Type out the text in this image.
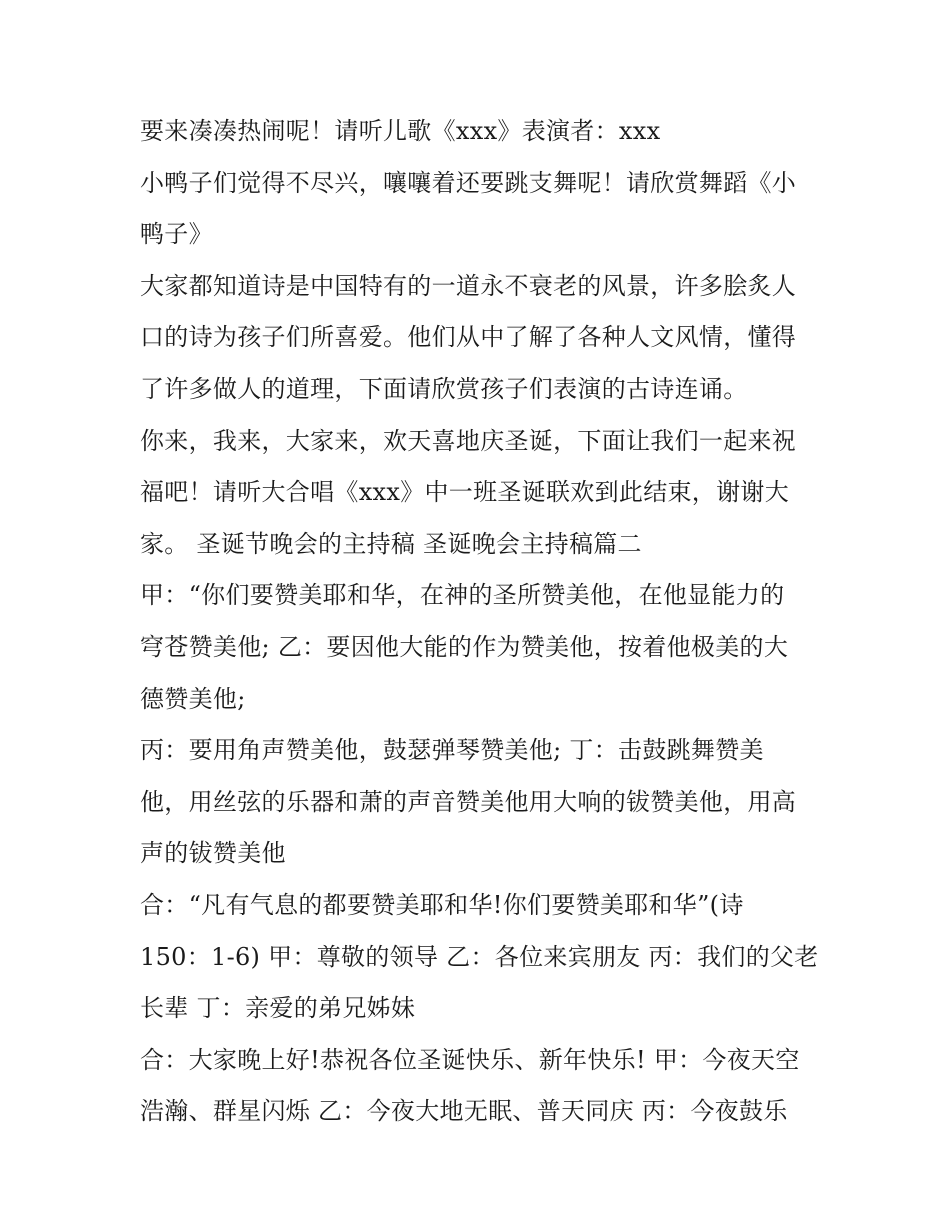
要来凑凑热闹呢！请听儿歌《xxx》表演者：xxx
小鸭子们觉得不尽兴，嚷嚷着还要跳支舞呢！请欣赏舞蹈《小
鸭子》
大家都知道诗是中国特有的一道永不衰老的风景，许多脍炙人
口的诗为孩子们所喜爱。他们从中了解了各种人文风情，懂得
了许多做人的道理，下面请欣赏孩子们表演的古诗连诵。
你来，我来，大家来，欢天喜地庆圣诞，下面让我们一起来祝
福吧！请听大合唱《xxx》中一班圣诞联欢到此结束，谢谢大
家。 圣诞节晚会的主持稿 圣诞晚会主持稿篇二
甲：“你们要赞美耶和华，在神的圣所赞美他，在他显能力的
穹苍赞美他; 乙：要因他大能的作为赞美他，按着他极美的大
德赞美他;
丙：要用角声赞美他，鼓瑟弹琴赞美他; 丁：击鼓跳舞赞美
他，用丝弦的乐器和萧的声音赞美他用大响的钹赞美他，用高
声的钹赞美他
合：“凡有气息的都要赞美耶和华!你们要赞美耶和华”(诗
150：1-6) 甲：尊敬的领导 乙：各位来宾朋友 丙：我们的父老
长辈 丁：亲爱的弟兄姊妹
合：大家晚上好!恭祝各位圣诞快乐、新年快乐! 甲：今夜天空
浩瀚、群星闪烁 乙：今夜大地无眠、普天同庆 丙：今夜鼓乐
